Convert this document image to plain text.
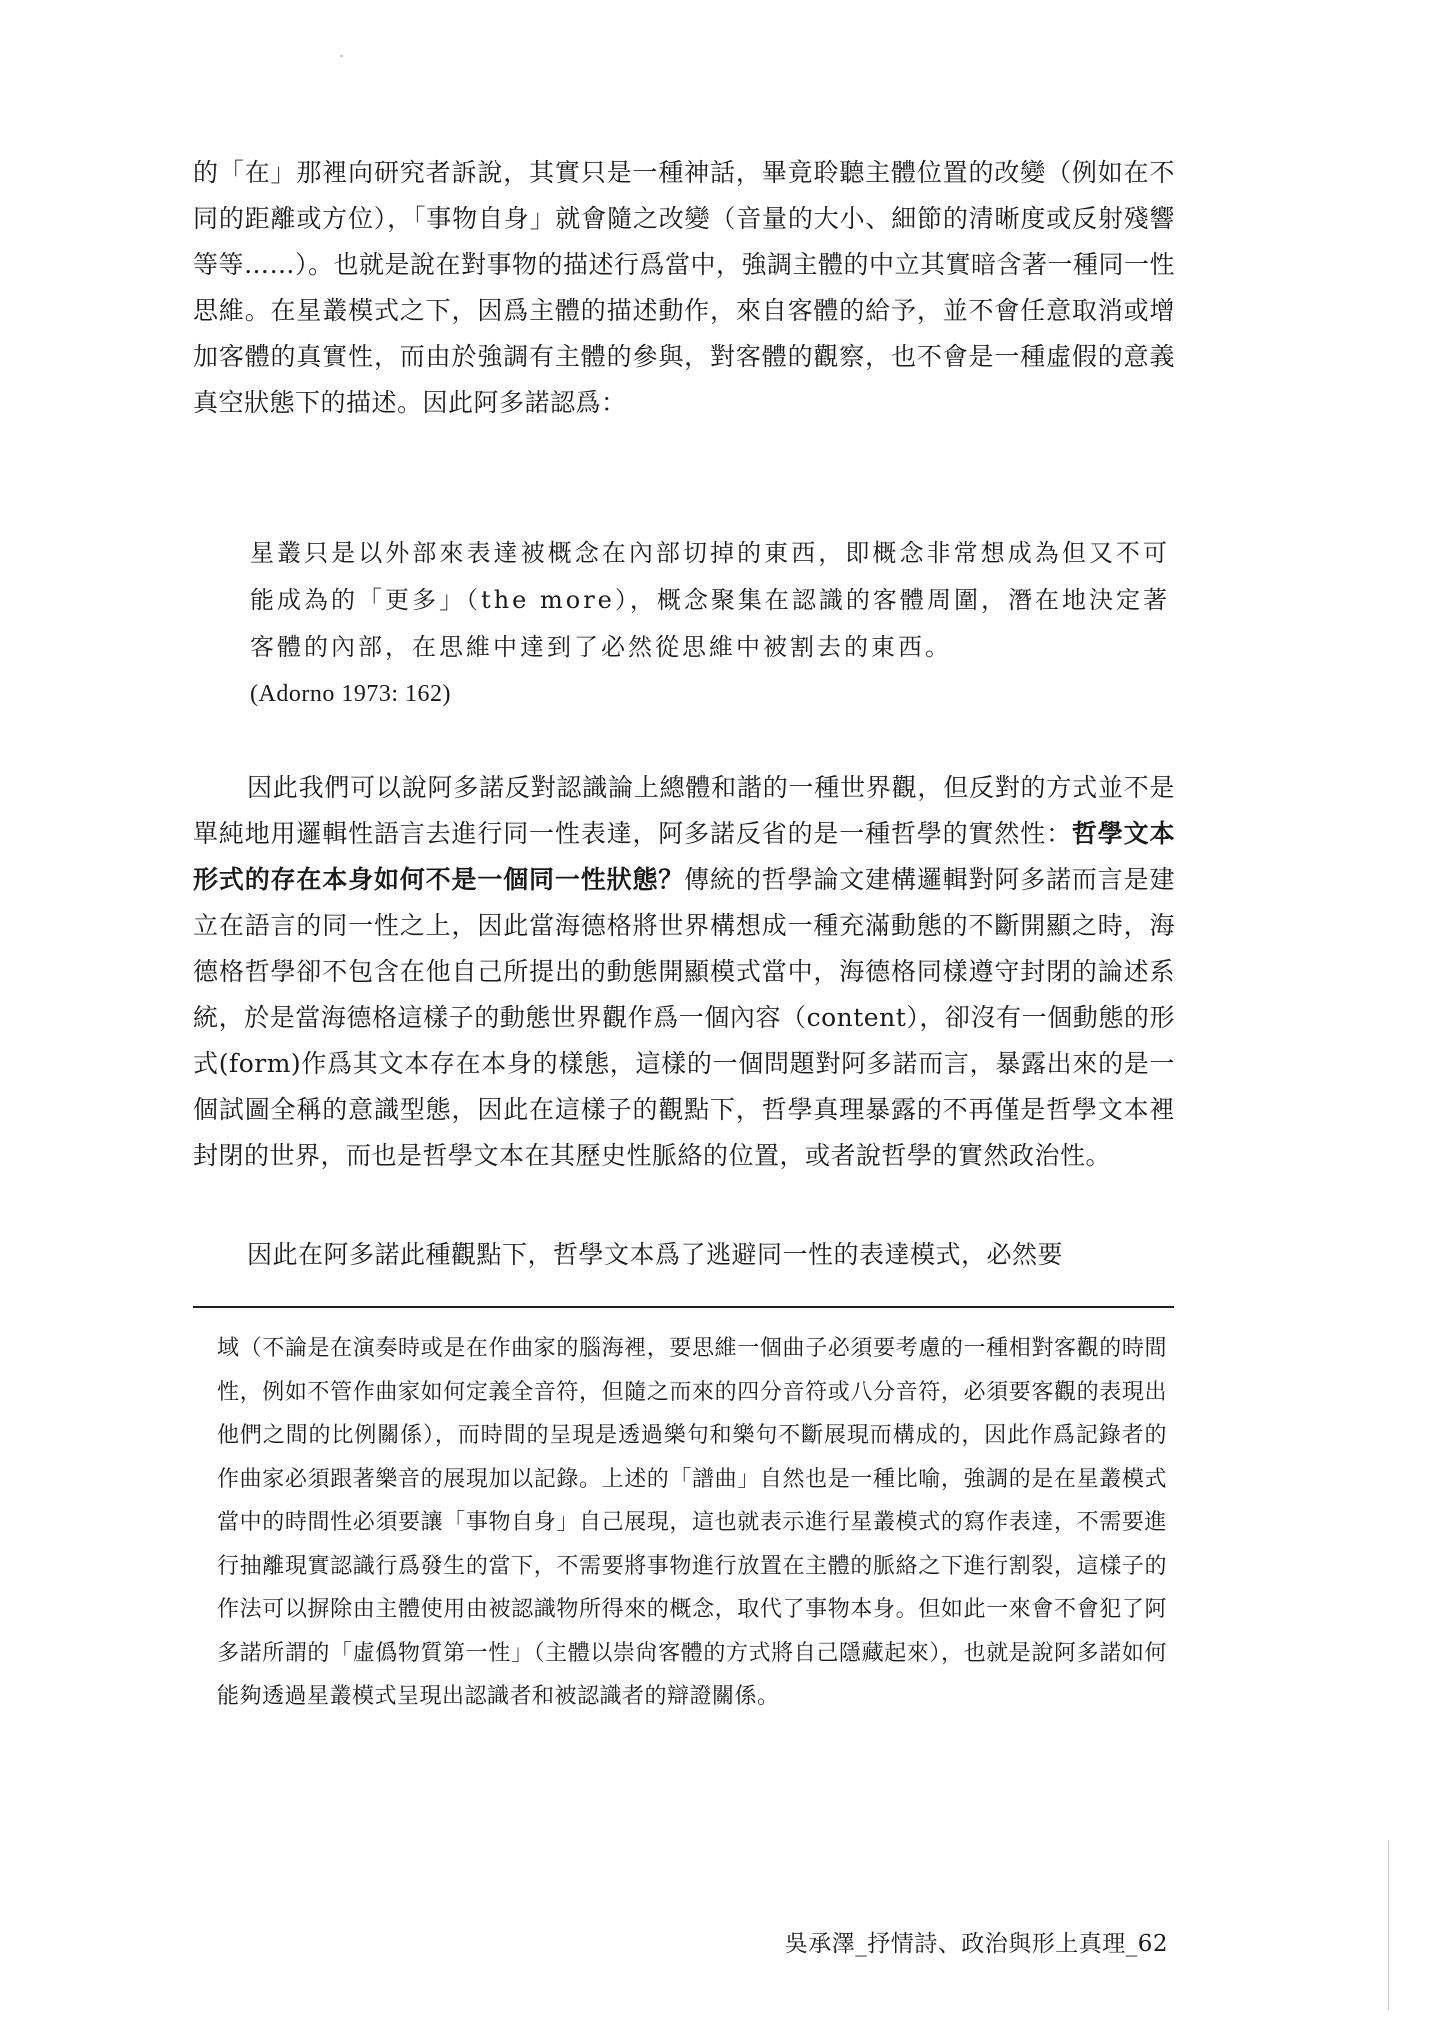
的「在」那裡向研究者訴說，其實只是一種神話，畢竟聆聽主體位置的改變（例如在不同的距離或方位），「事物自身」就會隨之改變（音量的大小、細節的清晰度或反射殘響等等……）。也就是說在對事物的描述行爲當中，強調主體的中立其實暗含著一種同一性思維。在星叢模式之下，因爲主體的描述動作，來自客體的給予，並不會任意取消或增加客體的真實性，而由於強調有主體的參與，對客體的觀察，也不會是一種虛假的意義真空狀態下的描述。因此阿多諾認爲：
星叢只是以外部來表達被概念在內部切掉的東西，即概念非常想成為但又不可能成為的「更多」（the more），概念聚集在認識的客體周圍，潛在地決定著客體的內部，在思維中達到了必然從思維中被割去的東西。
(Adorno 1973: 162)
因此我們可以說阿多諾反對認識論上總體和諧的一種世界觀，但反對的方式並不是單純地用邏輯性語言去進行同一性表達，阿多諾反省的是一種哲學的實然性：哲學文本形式的存在本身如何不是一個同一性狀態？傳統的哲學論文建構邏輯對阿多諾而言是建立在語言的同一性之上，因此當海德格將世界構想成一種充滿動態的不斷開顯之時，海德格哲學卻不包含在他自己所提出的動態開顯模式當中，海德格同樣遵守封閉的論述系統，於是當海德格這樣子的動態世界觀作爲一個內容（content），卻沒有一個動態的形式(form)作爲其文本存在本身的樣態，這樣的一個問題對阿多諾而言，暴露出來的是一個試圖全稱的意識型態，因此在這樣子的觀點下，哲學真理暴露的不再僅是哲學文本裡封閉的世界，而也是哲學文本在其歷史性脈絡的位置，或者說哲學的實然政治性。
因此在阿多諾此種觀點下，哲學文本爲了逃避同一性的表達模式，必然要
域（不論是在演奏時或是在作曲家的腦海裡，要思維一個曲子必須要考慮的一種相對客觀的時間性，例如不管作曲家如何定義全音符，但隨之而來的四分音符或八分音符，必須要客觀的表現出他們之間的比例關係），而時間的呈現是透過樂句和樂句不斷展現而構成的，因此作爲記錄者的作曲家必須跟著樂音的展現加以記錄。上述的「譜曲」自然也是一種比喻，強調的是在星叢模式當中的時間性必須要讓「事物自身」自己展現，這也就表示進行星叢模式的寫作表達，不需要進行抽離現實認識行爲發生的當下，不需要將事物進行放置在主體的脈絡之下進行割裂，這樣子的作法可以摒除由主體使用由被認識物所得來的概念，取代了事物本身。但如此一來會不會犯了阿多諾所謂的「虛僞物質第一性」（主體以崇尙客體的方式將自己隱藏起來），也就是說阿多諾如何能夠透過星叢模式呈現出認識者和被認識者的辯證關係。
吳承澤_抒情詩、政治與形上真理_62
